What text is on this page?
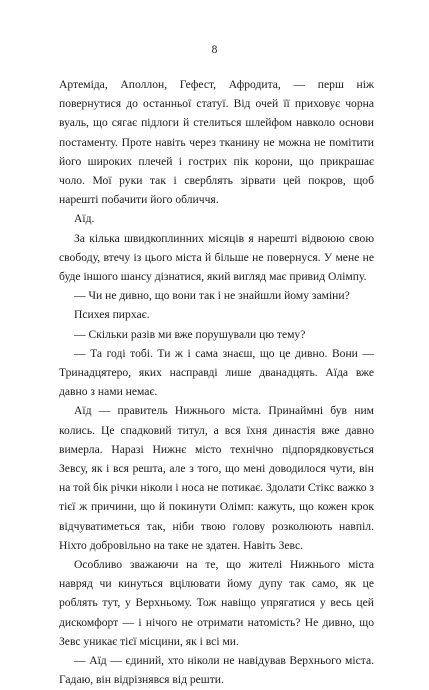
8

Артеміда, Аполлон, Гефест, Афродита, — перш ніж повернутися до останньої статуї. Від очей її приховує чорна вуаль, що сягає підлоги й стелиться шлейфом навколо основи постаменту. Проте навіть через тканину не можна не помітити його широких плечей і гострих пік корони, що прикрашає чоло. Мої руки так і сверблять зірвати цей покров, щоб нарешті побачити його обличчя.

Аїд.

За кілька швидкоплинних місяців я нарешті відвоюю свою свободу, втечу із цього міста й більше не повернуся. У мене не буде іншого шансу дізнатися, який вигляд має привид Олімпу.

— Чи не дивно, що вони так і не знайшли йому заміни?

Психея пирхає.

— Скільки разів ми вже порушували цю тему?

— Та годі тобі. Ти ж і сама знаєш, що це дивно. Вони — Тринадцятеро, яких насправді лише дванадцять. Аїда вже давно з нами немає.

Аїд — правитель Нижнього міста. Принаймні був ним колись. Це спадковий титул, а вся їхня династія вже давно вимерла. Наразі Нижнє місто технічно підпорядковується Зевсу, як і вся решта, але з того, що мені доводилося чути, він на той бік річки ніколи і носа не потикає. Здолати Стікс важко з тієї ж причини, що й покинути Олімп: кажуть, що кожен крок відчуватиметься так, ніби твою голову розколюють навпіл. Ніхто добровільно на таке не здатен. Навіть Зевс.

Особливо зважаючи на те, що жителі Нижнього міста навряд чи кинуться вцілювати йому дупу так само, як це роблять тут, у Верхньому. Тож навіщо упрягатися у весь цей дискомфорт — і нічого не отримати натомість? Не дивно, що Зевс уникає тієї місцини, як і всі ми.

— Аїд — єдиний, хто ніколи не навідував Верхнього міста. Гадаю, він відрізнявся від решти.
